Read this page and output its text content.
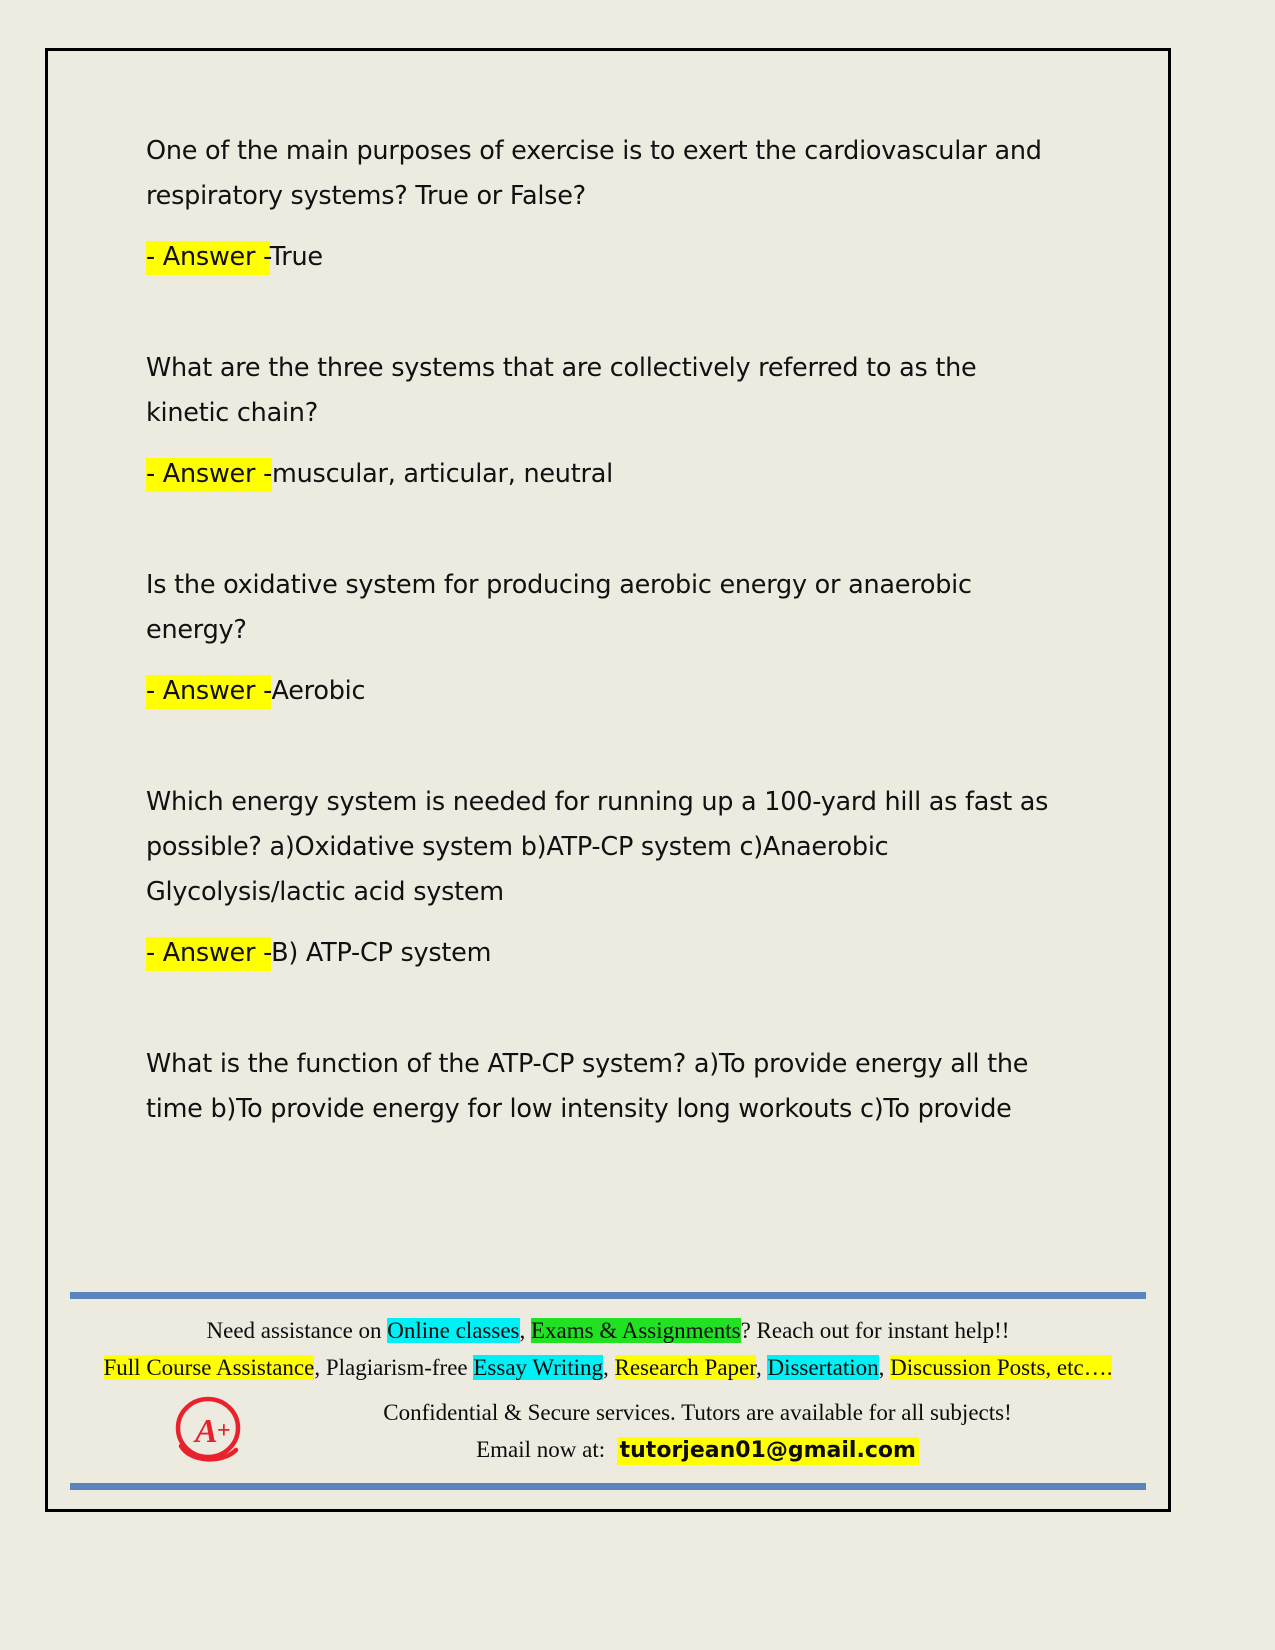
One of the main purposes of exercise is to exert the cardiovascular and respiratory systems? True or False?

- Answer -True

What are the three systems that are collectively referred to as the kinetic chain?

- Answer -muscular, articular, neutral

Is the oxidative system for producing aerobic energy or anaerobic energy?

- Answer -Aerobic

Which energy system is needed for running up a 100-yard hill as fast as possible? a)Oxidative system b)ATP-CP system c)Anaerobic Glycolysis/lactic acid system

- Answer -B) ATP-CP system

What is the function of the ATP-CP system? a)To provide energy all the time b)To provide energy for low intensity long workouts c)To provide

Need assistance on Online classes, Exams & Assignments? Reach out for instant help!!
Full Course Assistance, Plagiarism-free Essay Writing, Research Paper, Dissertation, Discussion Posts, etc….
A +
Confidential & Secure services. Tutors are available for all subjects!
Email now at: tutorjean01@gmail.com
